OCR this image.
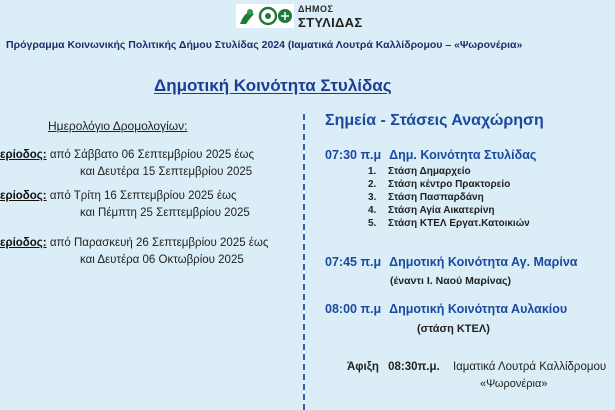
ΔΗΜΟΣ
ΣΤΥΛΙΔΑΣ
Πρόγραμμα Κοινωνικής Πολιτικής Δήμου Στυλίδας 2024 (Ιαματικά Λουτρά Καλλίδρομου – «Ψωρονέρια»
Δημοτική Κοινότητα Στυλίδας
Ημερολόγιο Δρομολογίων:
ερίοδος: από Σάββατο 06 Σεπτεμβρίου 2025 έως
και Δευτέρα 15 Σεπτεμβρίου 2025
ερίοδος: από Τρίτη 16 Σεπτεμβρίου 2025 έως
και Πέμπτη 25 Σεπτεμβρίου 2025
ερίοδος: από Παρασκευή 26 Σεπτεμβρίου 2025 έως
και Δευτέρα 06 Οκτωβρίου 2025
Σημεία - Στάσεις Αναχώρηση
07:30 π.μ Δημ. Κοινότητα Στυλίδας
1. Στάση Δημαρχείο
2. Στάση κέντρο Πρακτορείο
3. Στάση Πασπαρδάνη
4. Στάση Αγία Αικατερίνη
5. Στάση ΚΤΕΛ Εργατ.Κατοικιών
07:45 π.μ Δημοτική Κοινότητα Αγ. Μαρίνα
(έναντι Ι. Ναού Μαρίνας)
08:00 π.μ Δημοτική Κοινότητα Αυλακίου
(στάση ΚΤΕΛ)
Άφιξη 08:30π.μ. Ιαματικά Λουτρά Καλλίδρομου
«Ψωρονέρια»
